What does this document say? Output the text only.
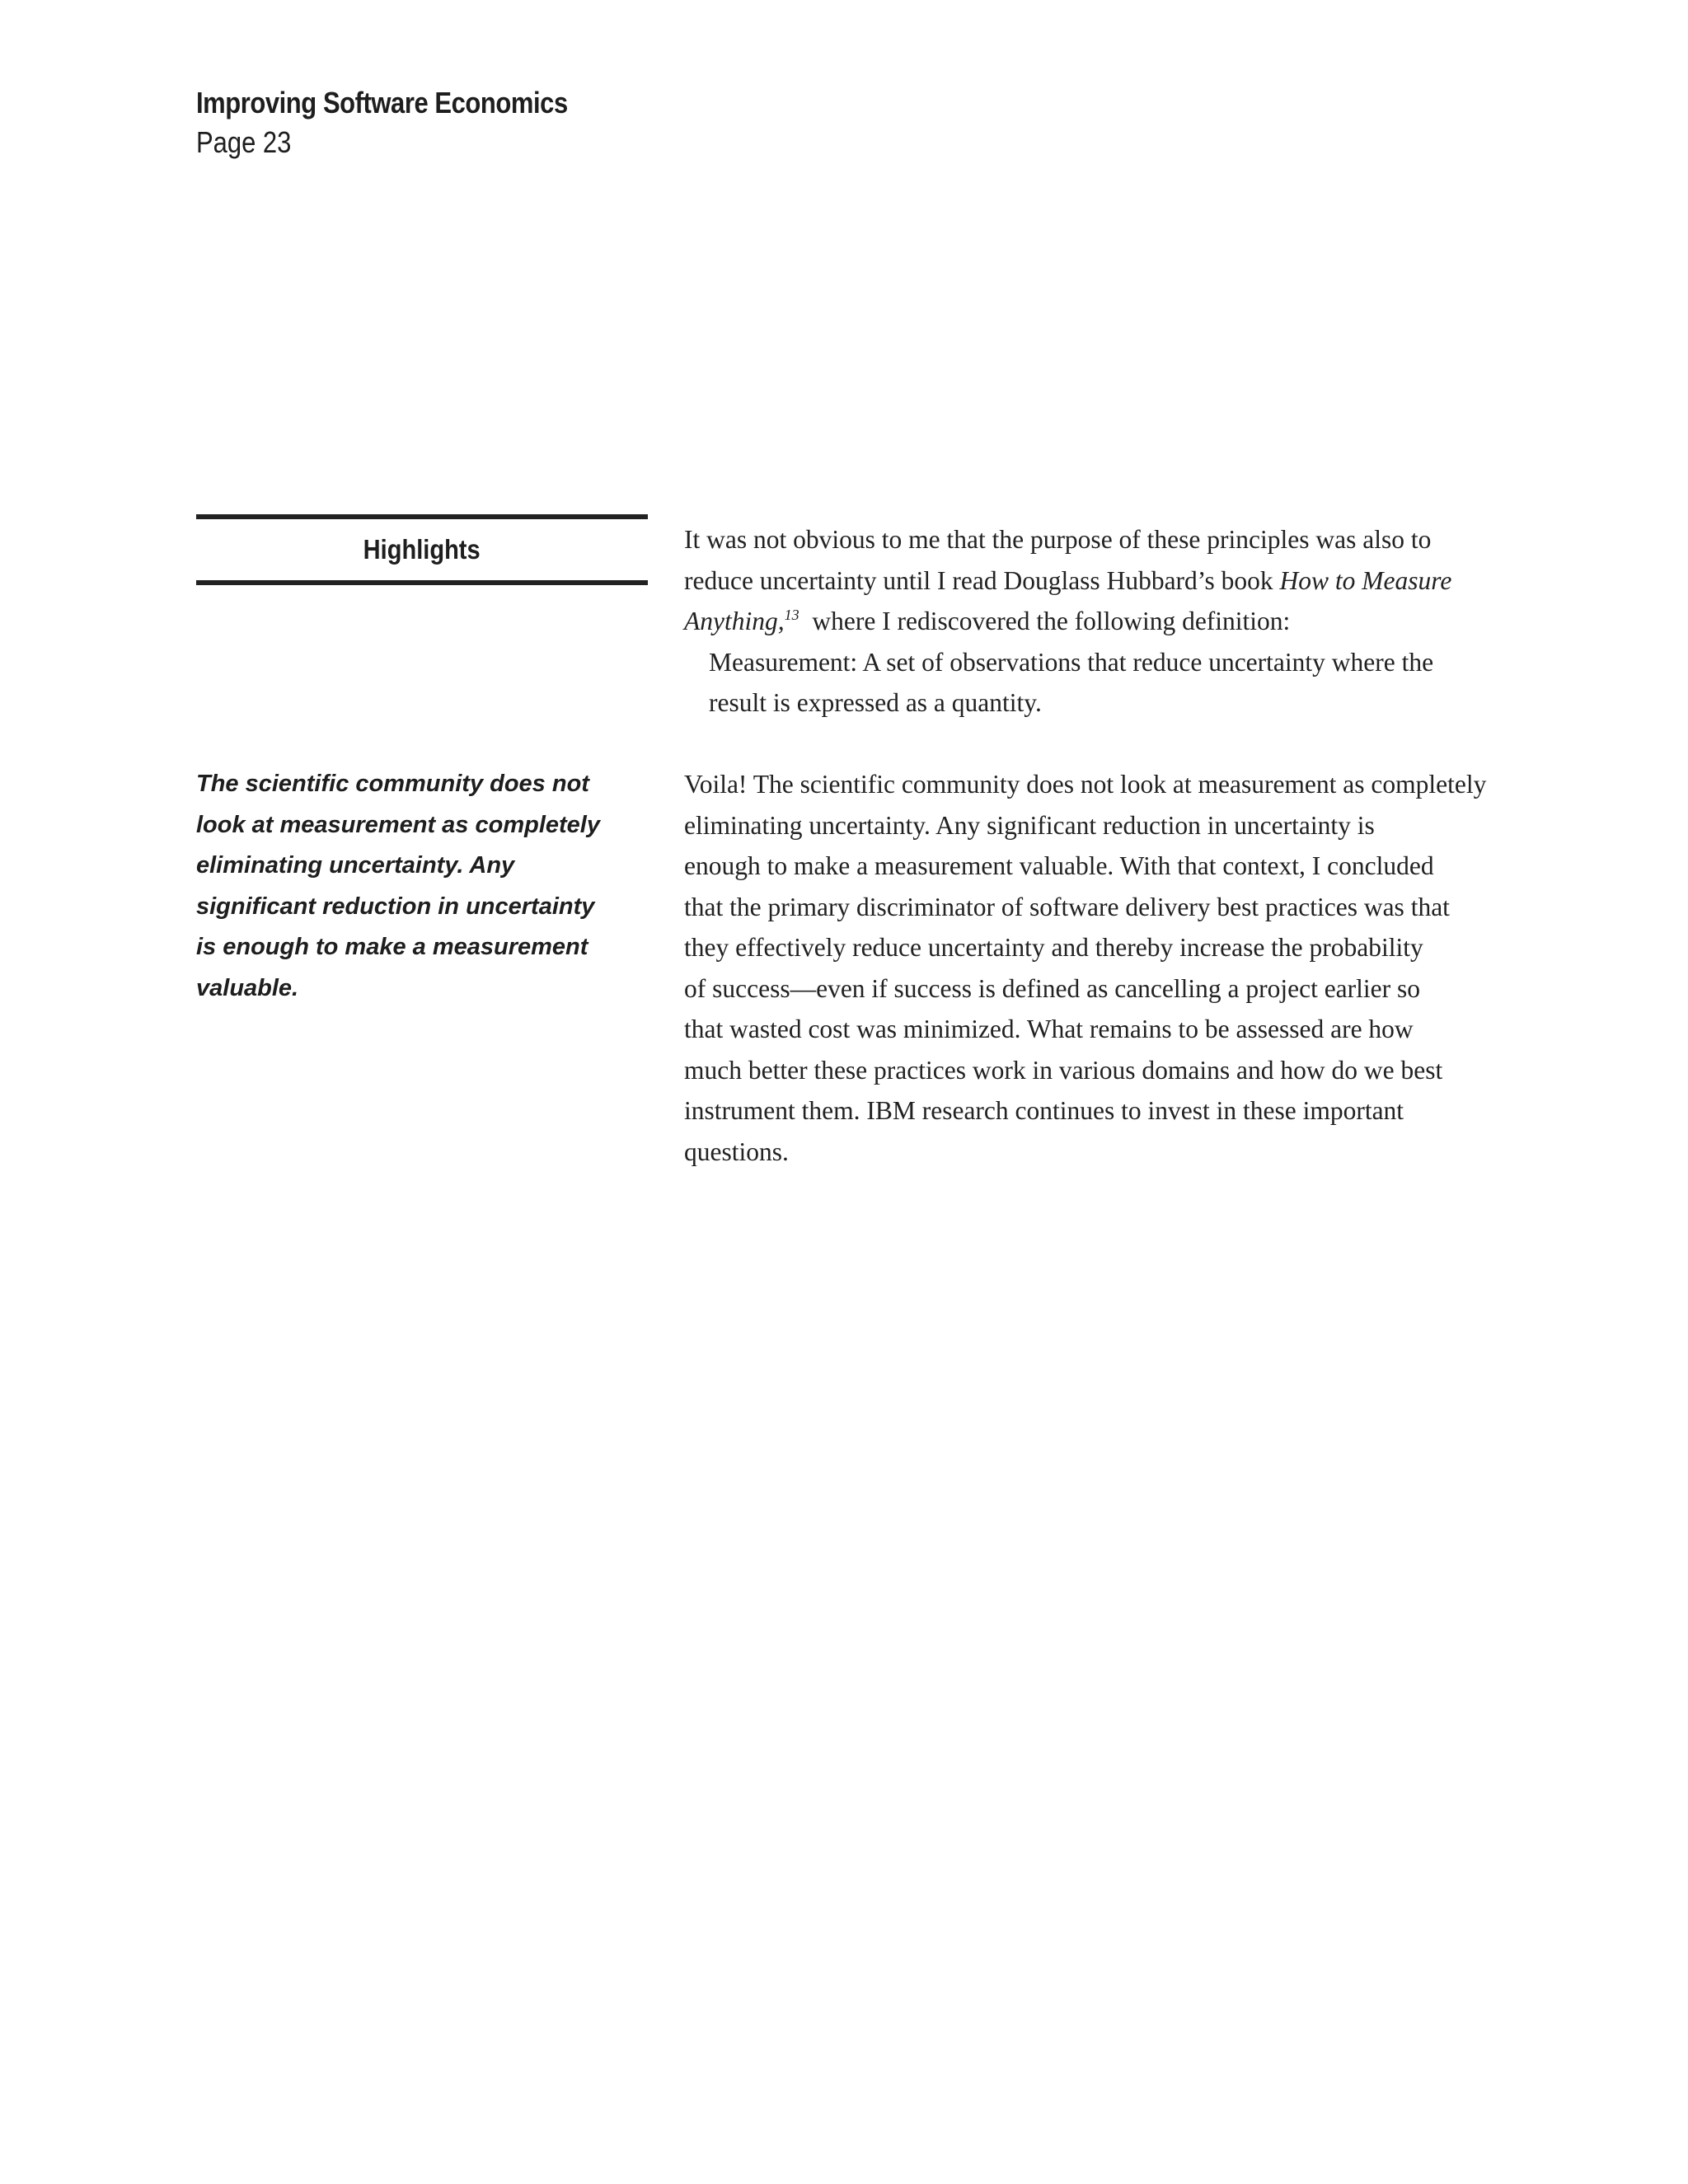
Improving Software Economics
Page 23
Highlights
The scientific community does not
look at measurement as completely
eliminating uncertainty. Any
significant reduction in uncertainty
is enough to make a measurement
valuable.
It was not obvious to me that the purpose of these principles was also to
reduce uncertainty until I read Douglass Hubbard’s book How to Measure
Anything,$^{13}$  where I rediscovered the following definition:
Measurement: A set of observations that reduce uncertainty where the
result is expressed as a quantity.
Voila! The scientific community does not look at measurement as completely
eliminating uncertainty. Any significant reduction in uncertainty is
enough to make a measurement valuable. With that context, I concluded
that the primary discriminator of software delivery best practices was that
they effectively reduce uncertainty and thereby increase the probability
of success—even if success is defined as cancelling a project earlier so
that wasted cost was minimized. What remains to be assessed are how
much better these practices work in various domains and how do we best
instrument them. IBM research continues to invest in these important
questions.
